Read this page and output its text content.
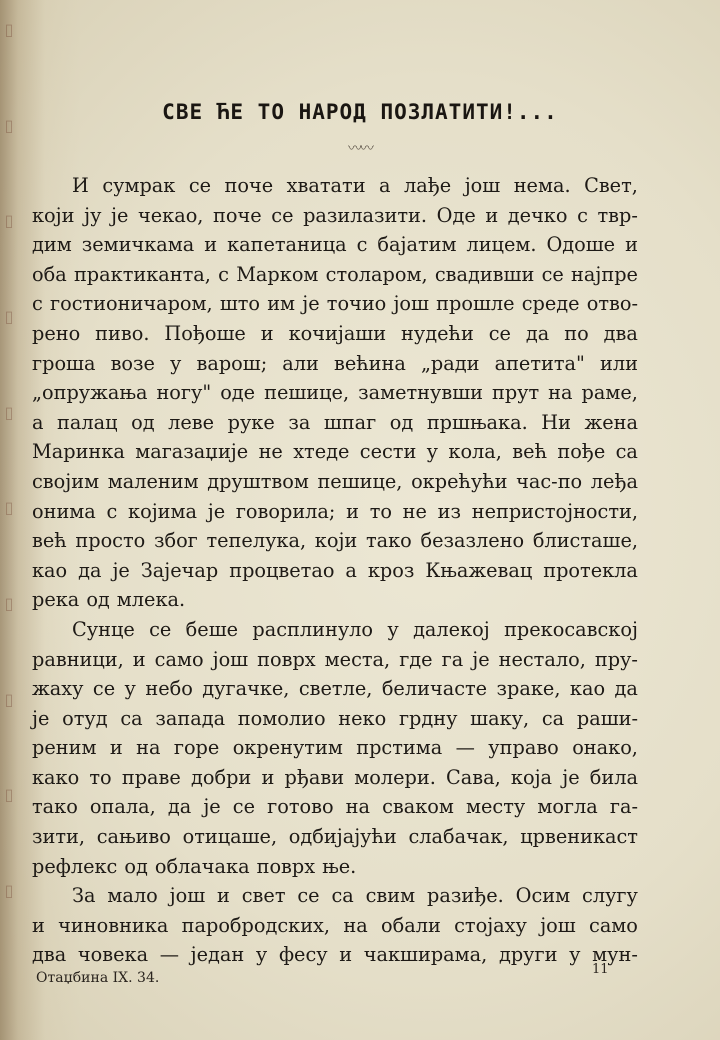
▯
▯
▯
▯
▯
▯
▯
▯
▯
▯
СВЕ ЋЕ ТО НАРОД ПОЗЛАТИТИ!...
〰〰
И сумрак се поче хватати а лађе још нема. Свет,
који ју је чекао, поче се разилазити. Оде и дечко с твр-
дим земичкама и капетаница с бајатим лицем. Одоше и
оба практиканта, с Марком столаром, свадивши се најпре
с гостионичаром, што им је точио још прошле среде отво-
рено пиво. Пођоше и кочијаши нудећи се да по два
гроша возе у варош; али већина „ради апетита" или
„опружања ногу" оде пешице, заметнувши прут на раме,
а палац од леве руке за шпаг од пршњака. Ни жена
Маринка магазаџије не хтеде сести у кола, већ пође са
својим маленим друштвом пешице, окрећући час-по леђа
онима с којима је говорила; и то не из непристојности,
већ просто због тепелука, који тако безазлено блисташе,
као да је Зајечар процветао а кроз Књажевац протекла
река од млека.
Сунце се беше расплинуло у далекој прекосавској
равници, и само још поврх места, где га је нестало, пру-
жаху се у небо дугачке, светле, беличасте зраке, као да
је отуд са запада помолио неко грдну шаку, са раши-
реним и на горе окренутим прстима — управо онако,
како то праве добри и рђави молери. Сава, која је била
тако опала, да је се готово на сваком месту могла га-
зити, сањиво отицаше, одбијајући слабачак, црвеникаст
рефлекс од облачака поврх ње.
За мало још и свет се са свим разиђе. Осим слугу
и чиновника паробродских, на обали стојаху још само
два човека — један у фесу и чакширама, други у мун-
Отаџбина IX. 34.
11
